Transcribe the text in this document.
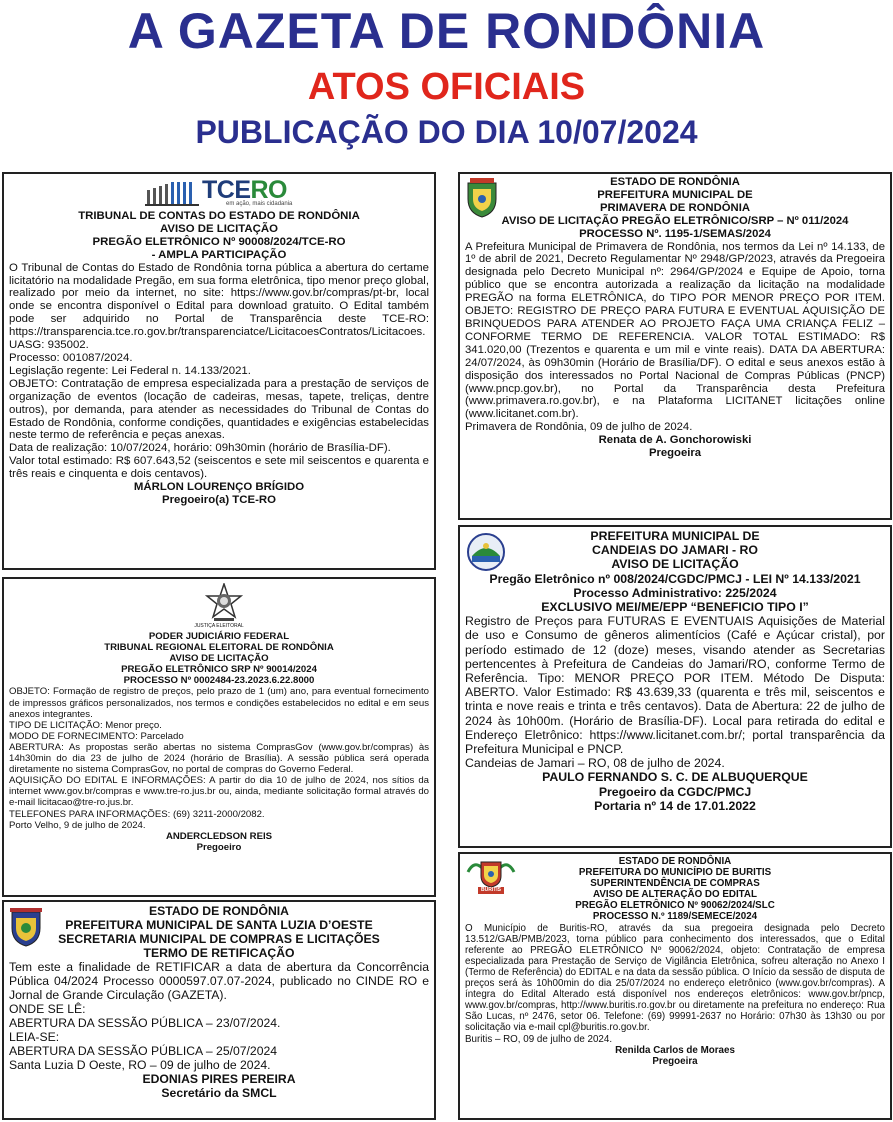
A GAZETA DE RONDÔNIA
ATOS OFICIAIS
PUBLICAÇÃO DO DIA 10/07/2024
TCERO
em ação, mais cidadania
TRIBUNAL DE CONTAS DO ESTADO DE RONDÔNIA
AVISO DE LICITAÇÃO
PREGÃO ELETRÔNICO Nº 90008/2024/TCE-RO
- AMPLA PARTICIPAÇÃO

O Tribunal de Contas do Estado de Rondônia torna pública a abertura do certame licitatório na modalidade Pregão, em sua forma eletrônica, tipo menor preço global, realizado por meio da internet, no site: https://www.gov.br/compras/pt-br, local onde se encontra disponível o Edital para download gratuito. O Edital também pode ser adquirido no Portal de Transparência deste TCE-RO: https://transparencia.tce.ro.gov.br/transparenciatce/LicitacoesContratos/Licitacoes.

UASG: 935002.

Processo: 001087/2024.

Legislação regente: Lei Federal n. 14.133/2021.

OBJETO: Contratação de empresa especializada para a prestação de serviços de organização de eventos (locação de cadeiras, mesas, tapete, treliças, dentre outros), por demanda, para atender as necessidades do Tribunal de Contas do Estado de Rondônia, conforme condições, quantidades e exigências estabelecidas neste termo de referência e peças anexas.

Data de realização: 10/07/2024, horário: 09h30min (horário de Brasília-DF).

Valor total estimado: R$ 607.643,52 (seiscentos e sete mil seiscentos e quarenta e três reais e cinquenta e dois centavos).

MÁRLON LOURENÇO BRÍGIDO
Pregoeiro(a) TCE-RO
JUSTIÇA ELEITORAL
PODER JUDICIÁRIO FEDERAL
TRIBUNAL REGIONAL ELEITORAL DE RONDÔNIA
AVISO DE LICITAÇÃO
PREGÃO ELETRÔNICO SRP Nº 90014/2024
PROCESSO Nº 0002484-23.2023.6.22.8000

OBJETO: Formação de registro de preços, pelo prazo de 1 (um) ano, para eventual fornecimento de impressos gráficos personalizados, nos termos e condições estabelecidos no edital e em seus anexos integrantes.

TIPO DE LICITAÇÃO: Menor preço.

MODO DE FORNECIMENTO: Parcelado

ABERTURA: As propostas serão abertas no sistema ComprasGov (www.gov.br/compras) às 14h30min do dia 23 de julho de 2024 (horário de Brasília). A sessão pública será operada diretamente no sistema ComprasGov, no portal de compras do Governo Federal.

AQUISIÇÃO DO EDITAL E INFORMAÇÕES: A partir do dia 10 de julho de 2024, nos sítios da internet www.gov.br/compras e www.tre-ro.jus.br ou, ainda, mediante solicitação formal através do e-mail licitacao@tre-ro.jus.br.

TELEFONES PARA INFORMAÇÕES: (69) 3211-2000/2082.

Porto Velho, 9 de julho de 2024.

ANDERCLEDSON REIS
Pregoeiro
ESTADO DE RONDÔNIA
PREFEITURA MUNICIPAL DE SANTA LUZIA D’OESTE
SECRETARIA MUNICIPAL DE COMPRAS E LICITAÇÕES
TERMO DE RETIFICAÇÃO

Tem este a finalidade de RETIFICAR a data de abertura da Concorrência Pública 04/2024 Processo 0000597.07.07-2024, publicado no CINDE RO e Jornal de Grande Circulação (GAZETA).

ONDE SE LÊ:

ABERTURA DA SESSÃO PÚBLICA – 23/07/2024.

LEIA-SE:

ABERTURA DA SESSÃO PÚBLICA – 25/07/2024

Santa Luzia D Oeste, RO – 09 de julho de 2024.

EDONIAS PIRES PEREIRA
Secretário da SMCL
ESTADO DE RONDÔNIA
PREFEITURA MUNICIPAL DE
PRIMAVERA DE RONDÔNIA
AVISO DE LICITAÇÃO PREGÃO ELETRÔNICO/SRP – Nº 011/2024
PROCESSO Nº. 1195-1/SEMAS/2024

A Prefeitura Municipal de Primavera de Rondônia, nos termos da Lei nº 14.133, de 1º de abril de 2021, Decreto Regulamentar Nº 2948/GP/2023, através da Pregoeira designada pelo Decreto Municipal nº: 2964/GP/2024 e Equipe de Apoio, torna público que se encontra autorizada a realização da licitação na modalidade PREGÃO na forma ELETRÔNICA, do TIPO POR MENOR PREÇO POR ITEM. OBJETO: REGISTRO DE PREÇO PARA FUTURA E EVENTUAL AQUISIÇÃO DE BRINQUEDOS PARA ATENDER AO PROJETO FAÇA UMA CRIANÇA FELIZ – CONFORME TERMO DE REFERENCIA. VALOR TOTAL ESTIMADO: R$ 341.020,00 (Trezentos e quarenta e um mil e vinte reais). DATA DA ABERTURA: 24/07/2024, às 09h30min (Horário de Brasília/DF). O edital e seus anexos estão à disposição dos interessados no Portal Nacional de Compras Públicas (PNCP) (www.pncp.gov.br), no Portal da Transparência desta Prefeitura (www.primavera.ro.gov.br), e na Plataforma LICITANET licitações online (www.licitanet.com.br).

Primavera de Rondônia, 09 de julho de 2024.

Renata de A. Gonchorowiski
Pregoeira
PREFEITURA MUNICIPAL DE
CANDEIAS DO JAMARI - RO
AVISO DE LICITAÇÃO
Pregão Eletrônico nº 008/2024/CGDC/PMCJ - LEI Nº 14.133/2021
Processo Administrativo: 225/2024
EXCLUSIVO MEI/ME/EPP “BENEFICIO TIPO I”

Registro de Preços para FUTURAS E EVENTUAIS Aquisições de Material de uso e Consumo de gêneros alimentícios (Café e Açúcar cristal), por período estimado de 12 (doze) meses, visando atender as Secretarias pertencentes à Prefeitura de Candeias do Jamari/RO, conforme Termo de Referência. Tipo: MENOR PREÇO POR ITEM. Método De Disputa: ABERTO. Valor Estimado: R$ 43.639,33 (quarenta e três mil, seiscentos e trinta e nove reais e trinta e três centavos). Data de Abertura: 22 de julho de 2024 às 10h00m. (Horário de Brasília-DF). Local para retirada do edital e Endereço Eletrônico: https://www.licitanet.com.br/; portal transparência da Prefeitura Municipal e PNCP.

Candeias de Jamari – RO, 08 de julho de 2024.

PAULO FERNANDO S. C. DE ALBUQUERQUE
Pregoeiro da CGDC/PMCJ
Portaria nº 14 de 17.01.2022
BURITIS
ESTADO DE RONDÔNIA
PREFEITURA DO MUNICÍPIO DE BURITIS
SUPERINTENDÊNCIA DE COMPRAS
AVISO DE ALTERAÇÃO DO EDITAL
PREGÃO ELETRÔNICO Nº 90062/2024/SLC
PROCESSO N.º 1189/SEMECE/2024

O Município de Buritis-RO, através da sua pregoeira designada pelo Decreto 13.512/GAB/PMB/2023, torna público para conhecimento dos interessados, que o Edital referente ao PREGÃO ELETRÔNICO Nº 90062/2024, objeto: Contratação de empresa especializada para Prestação de Serviço de Vigilância Eletrônica, sofreu alteração no Anexo I (Termo de Referência) do EDITAL e na data da sessão pública. O Início da sessão de disputa de preços será às 10h00min do dia 25/07/2024 no endereço eletrônico (www.gov.br/compras). A íntegra do Edital Alterado está disponível nos endereços eletrônicos: www.gov.br/pncp, www.gov.br/compras, http://www.buritis.ro.gov.br ou diretamente na prefeitura no endereço: Rua São Lucas, nº 2476, setor 06. Telefone: (69) 99991-2637 no Horário: 07h30 às 13h30 ou por solicitação via e-mail cpl@buritis.ro.gov.br.

Buritis – RO, 09 de julho de 2024.

Renilda Carlos de Moraes
Pregoeira
